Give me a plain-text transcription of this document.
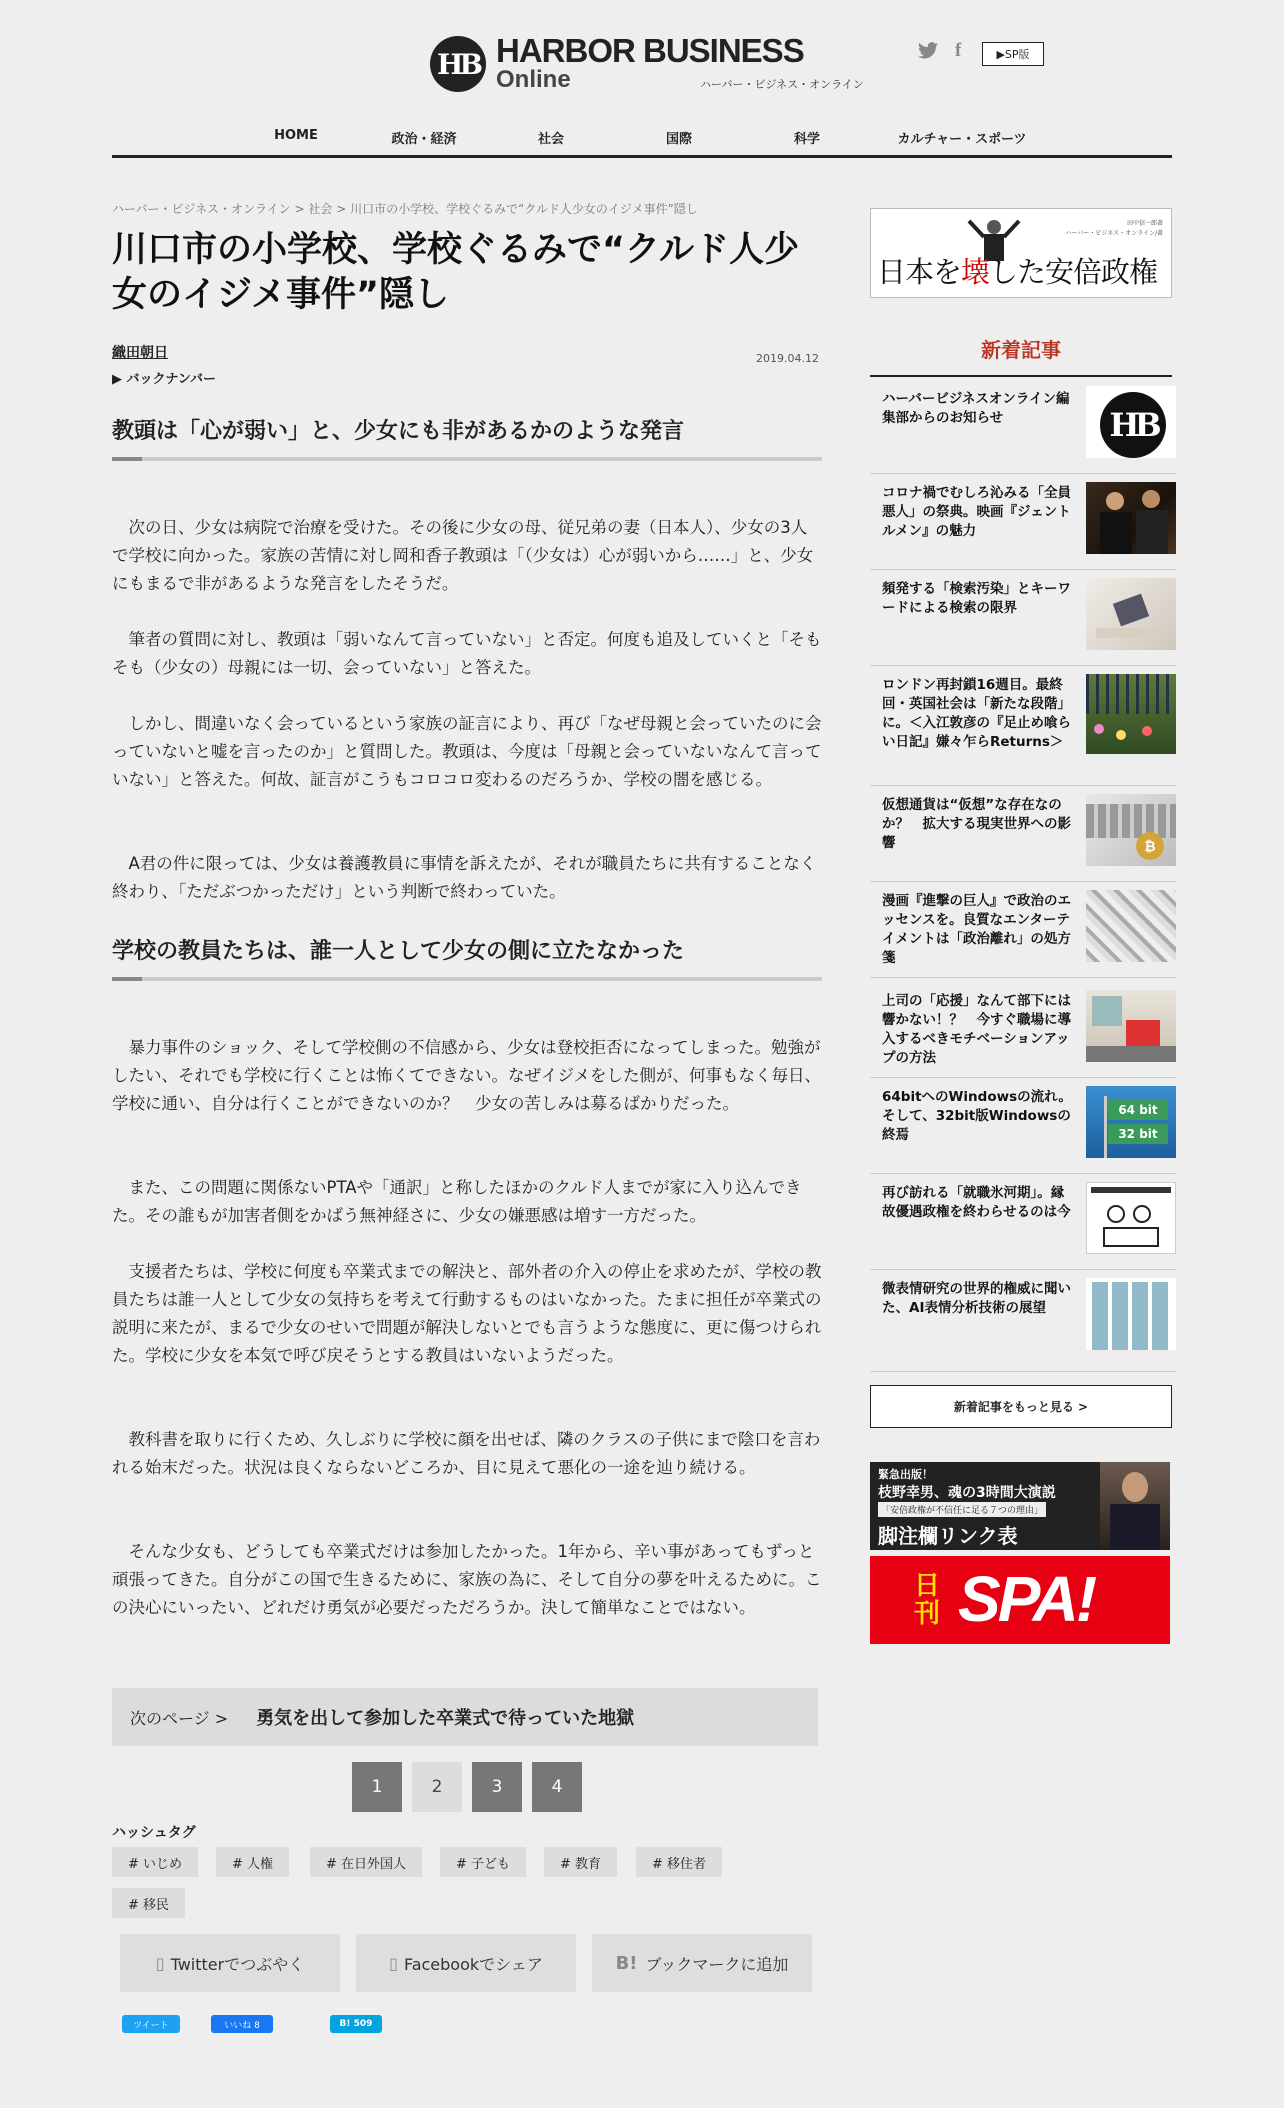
HB HARBOR BUSINESS
Online	ハーバー・ビジネス・オンライン
f	▶SP版
HOME	政治・経済	社会	国際	科学	カルチャー・スポーツ
ハーバー・ビジネス・オンライン > 社会 > 川口市の小学校、学校ぐるみで“クルド人少女のイジメ事件”隠し
川口市の小学校、学校ぐるみで“クルド人少女のイジメ事件”隠し
織田朝日
▶ バックナンバー
2019.04.12
教頭は「心が弱い」と、少女にも非があるかのような発言

次の日、少女は病院で治療を受けた。その後に少女の母、従兄弟の妻（日本人）、少女の3人で学校に向かった。家族の苦情に対し岡和香子教頭は「（少女は）心が弱いから……」と、少女にもまるで非があるような発言をしたそうだ。

筆者の質問に対し、教頭は「弱いなんて言っていない」と否定。何度も追及していくと「そもそも（少女の）母親には一切、会っていない」と答えた。

しかし、間違いなく会っているという家族の証言により、再び「なぜ母親と会っていたのに会っていないと嘘を言ったのか」と質問した。教頭は、今度は「母親と会っていないなんて言っていない」と答えた。何故、証言がこうもコロコロ変わるのだろうか、学校の闇を感じる。

A君の件に限っては、少女は養護教員に事情を訴えたが、それが職員たちに共有することなく終わり、「ただぶつかっただけ」という判断で終わっていた。

学校の教員たちは、誰一人として少女の側に立たなかった

暴力事件のショック、そして学校側の不信感から、少女は登校拒否になってしまった。勉強がしたい、それでも学校に行くことは怖くてできない。なぜイジメをした側が、何事もなく毎日、学校に通い、自分は行くことができないのか？　少女の苦しみは募るばかりだった。

また、この問題に関係ないPTAや「通訳」と称したほかのクルド人までが家に入り込んできた。その誰もが加害者側をかばう無神経さに、少女の嫌悪感は増す一方だった。

支援者たちは、学校に何度も卒業式までの解決と、部外者の介入の停止を求めたが、学校の教員たちは誰一人として少女の気持ちを考えて行動するものはいなかった。たまに担任が卒業式の説明に来たが、まるで少女のせいで問題が解決しないとでも言うような態度に、更に傷つけられた。学校に少女を本気で呼び戻そうとする教員はいないようだった。

教科書を取りに行くため、久しぶりに学校に顔を出せば、隣のクラスの子供にまで陰口を言われる始末だった。状況は良くならないどころか、目に見えて悪化の一途を辿り続ける。

そんな少女も、どうしても卒業式だけは参加したかった。1年から、辛い事があってもずっと頑張ってきた。自分がこの国で生きるために、家族の為に、そして自分の夢を叶えるために。この決心にいったい、どれだけ勇気が必要だっただろうか。決して簡単なことではない。

次のページ > 勇気を出して参加した卒業式で待っていた地獄
1	2	3	4
ハッシュタグ
# いじめ	# 人権	# 在日外国人	# 子ども	# 教育	# 移住者
# 移民
▯ Twitterでつぶやく	▯ Facebookでシェア	B! ブックマークに追加
ツイート	いいね 8	B! 509
田中信一郎著
ハーバー・ビジネス・オンライン/著
日本を壊した安倍政権
新着記事
ハーバービジネスオンライン編集部からのお知らせ	HB
コロナ禍でむしろ沁みる「全員悪人」の祭典。映画『ジェントルメン』の魅力
頻発する「検索汚染」とキーワードによる検索の限界
ロンドン再封鎖16週目。最終回・英国社会は「新たな段階」に。＜入江敦彦の『足止め喰らい日記』嫌々乍らReturns＞
仮想通貨は“仮想”な存在なのか？　拡大する現実世界への影響	₿
漫画『進撃の巨人』で政治のエッセンスを。良質なエンターテイメントは「政治離れ」の処方箋
上司の「応援」なんて部下には響かない！？　今すぐ職場に導入するべきモチベーションアップの方法
64bitへのWindowsの流れ。そして、32bit版Windowsの終焉
64 bit
32 bit
再び訪れる「就職氷河期」。縁故優遇政権を終わらせるのは今
微表情研究の世界的権威に聞いた、AI表情分析技術の展望
新着記事をもっと見る >
緊急出版！
枝野幸男、魂の3時間大演説
「安倍政権が不信任に足る７つの理由」
脚注欄リンク表
日刊 SPA!
